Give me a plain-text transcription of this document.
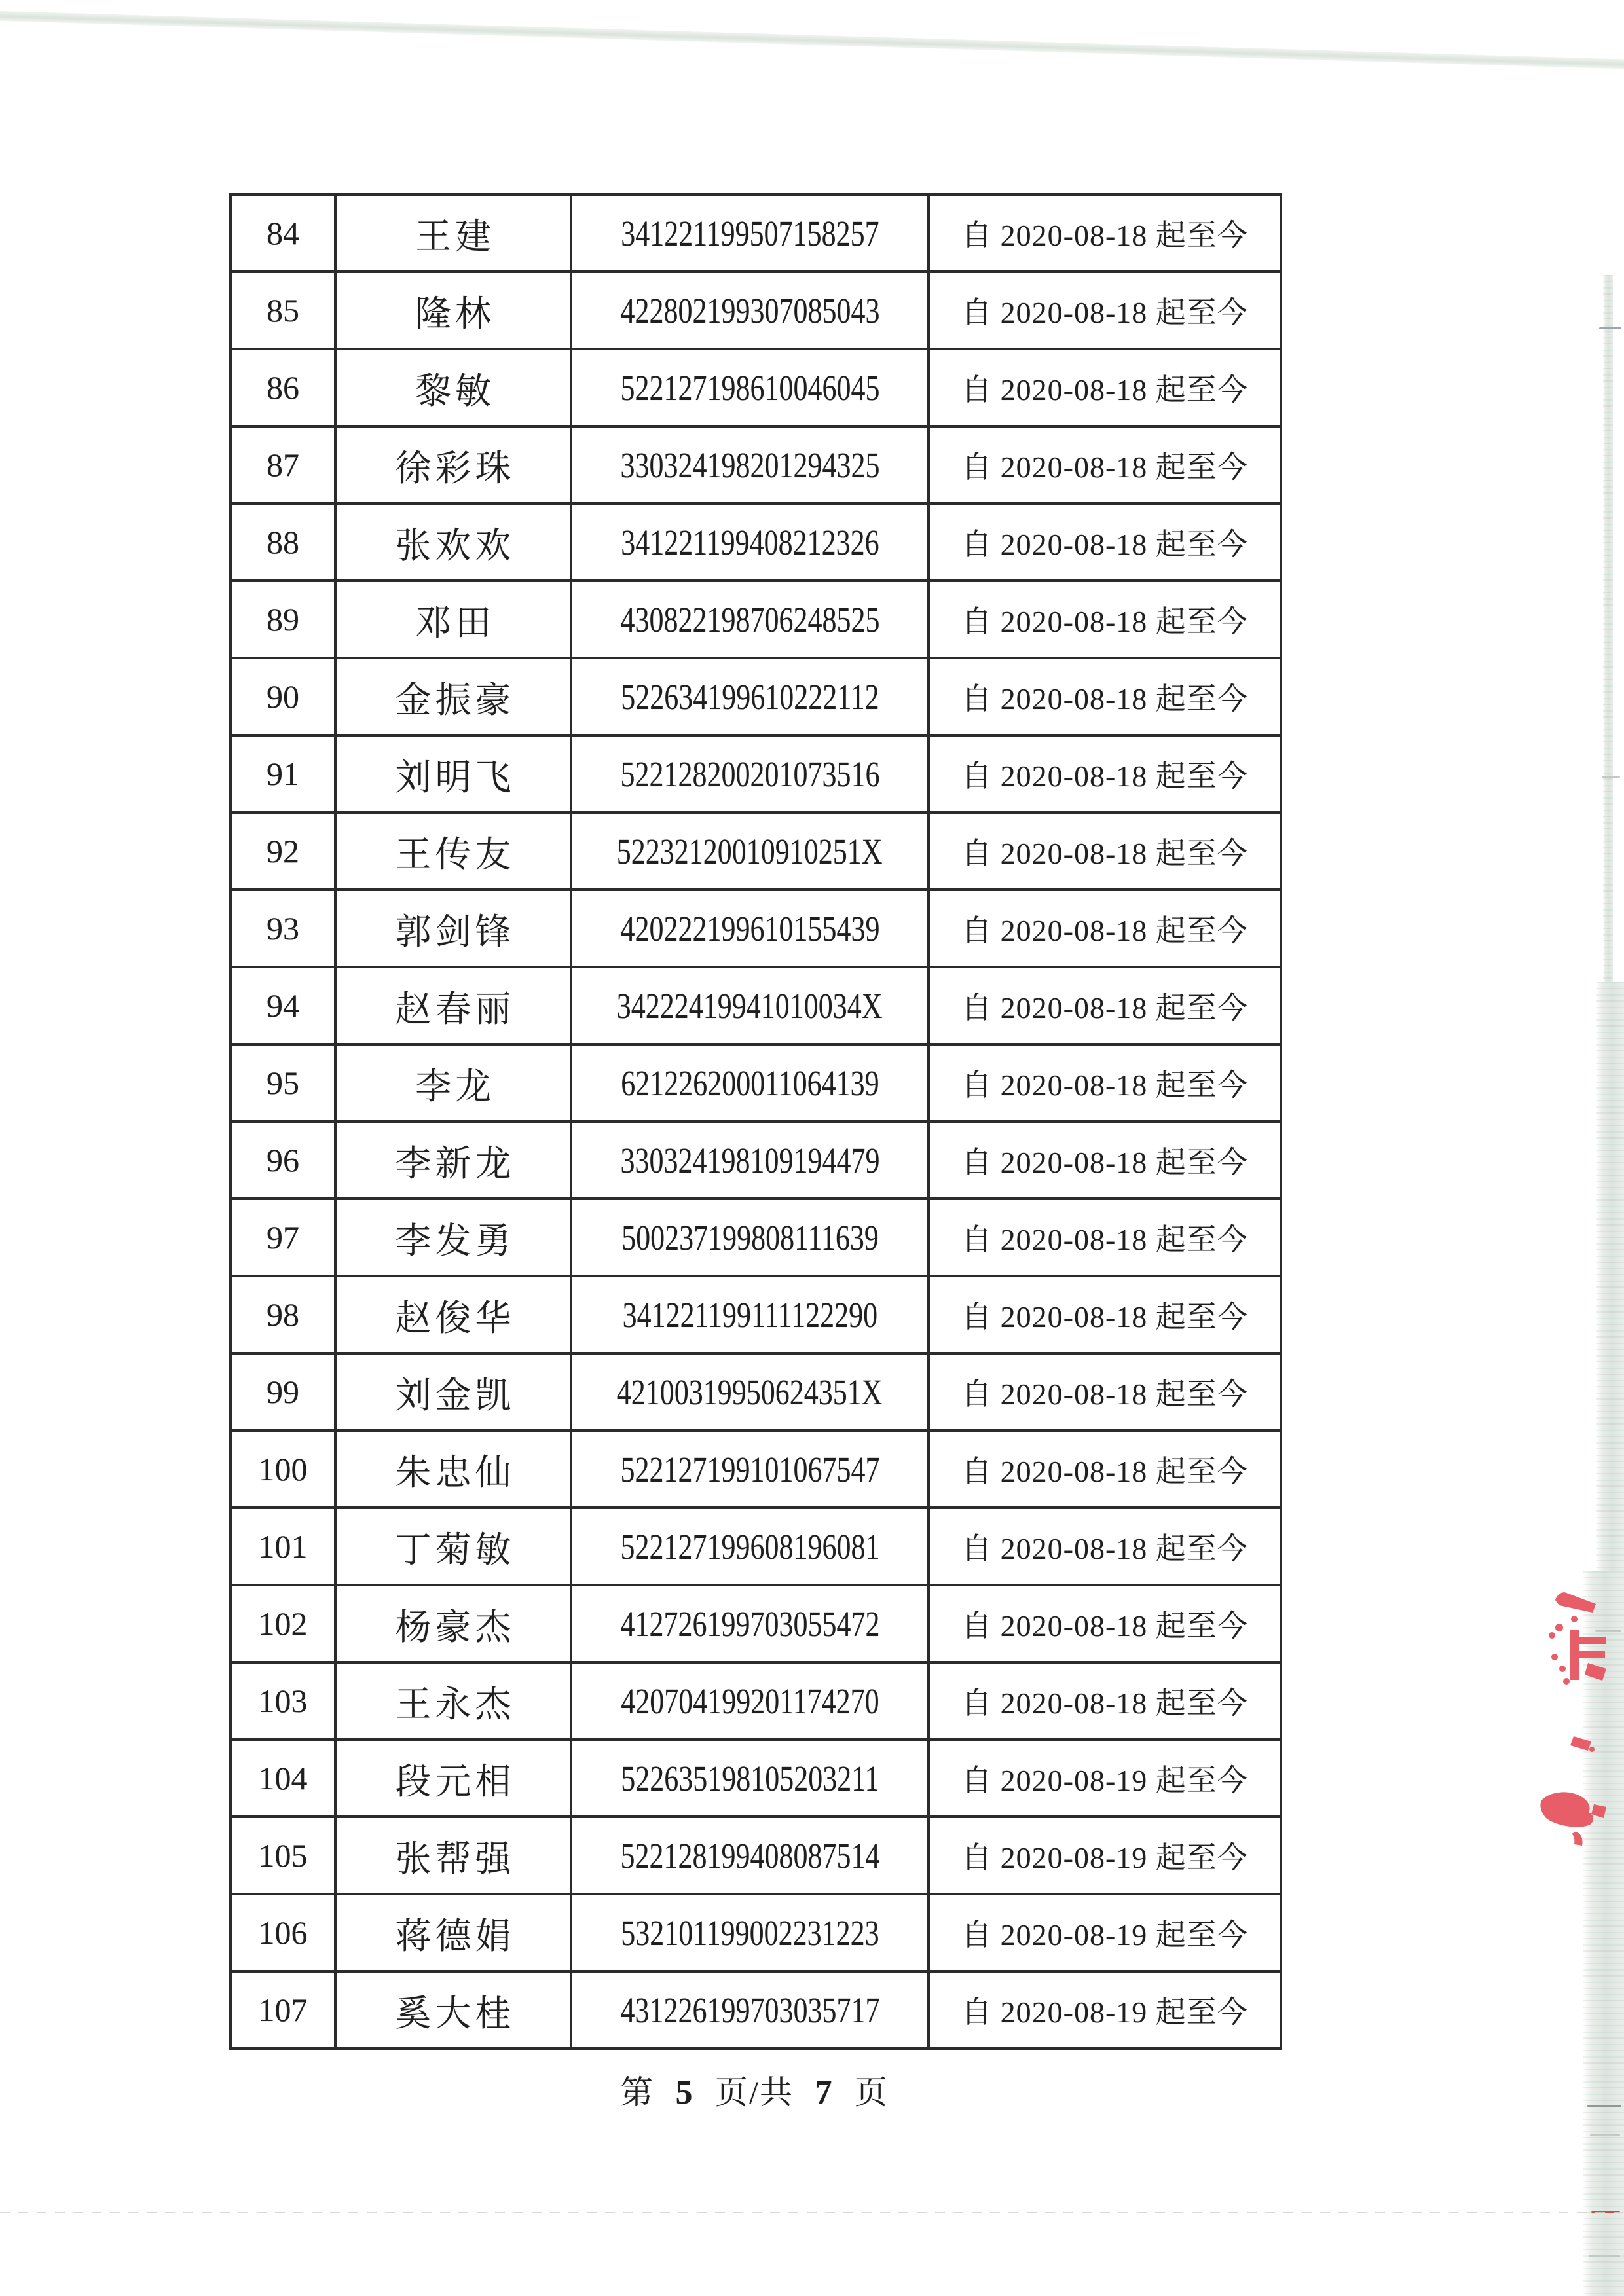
84	王建	341221199507158257	自 2020-08-18 起至今
85	隆林	422802199307085043	自 2020-08-18 起至今
86	黎敏	522127198610046045	自 2020-08-18 起至今
87	徐彩珠	330324198201294325	自 2020-08-18 起至今
88	张欢欢	341221199408212326	自 2020-08-18 起至今
89	邓田	430822198706248525	自 2020-08-18 起至今
90	金振豪	522634199610222112	自 2020-08-18 起至今
91	刘明飞	522128200201073516	自 2020-08-18 起至今
92	王传友	52232120010910251X	自 2020-08-18 起至今
93	郭剑锋	420222199610155439	自 2020-08-18 起至今
94	赵春丽	34222419941010034X	自 2020-08-18 起至今
95	李龙	621226200011064139	自 2020-08-18 起至今
96	李新龙	330324198109194479	自 2020-08-18 起至今
97	李发勇	500237199808111639	自 2020-08-18 起至今
98	赵俊华	341221199111122290	自 2020-08-18 起至今
99	刘金凯	42100319950624351X	自 2020-08-18 起至今
100	朱忠仙	522127199101067547	自 2020-08-18 起至今
101	丁菊敏	522127199608196081	自 2020-08-18 起至今
102	杨豪杰	412726199703055472	自 2020-08-18 起至今
103	王永杰	420704199201174270	自 2020-08-18 起至今
104	段元相	522635198105203211	自 2020-08-19 起至今
105	张帮强	522128199408087514	自 2020-08-19 起至今
106	蒋德娟	532101199002231223	自 2020-08-19 起至今
107	奚大桂	431226199703035717	自 2020-08-19 起至今
第 5 页/共 7 页
